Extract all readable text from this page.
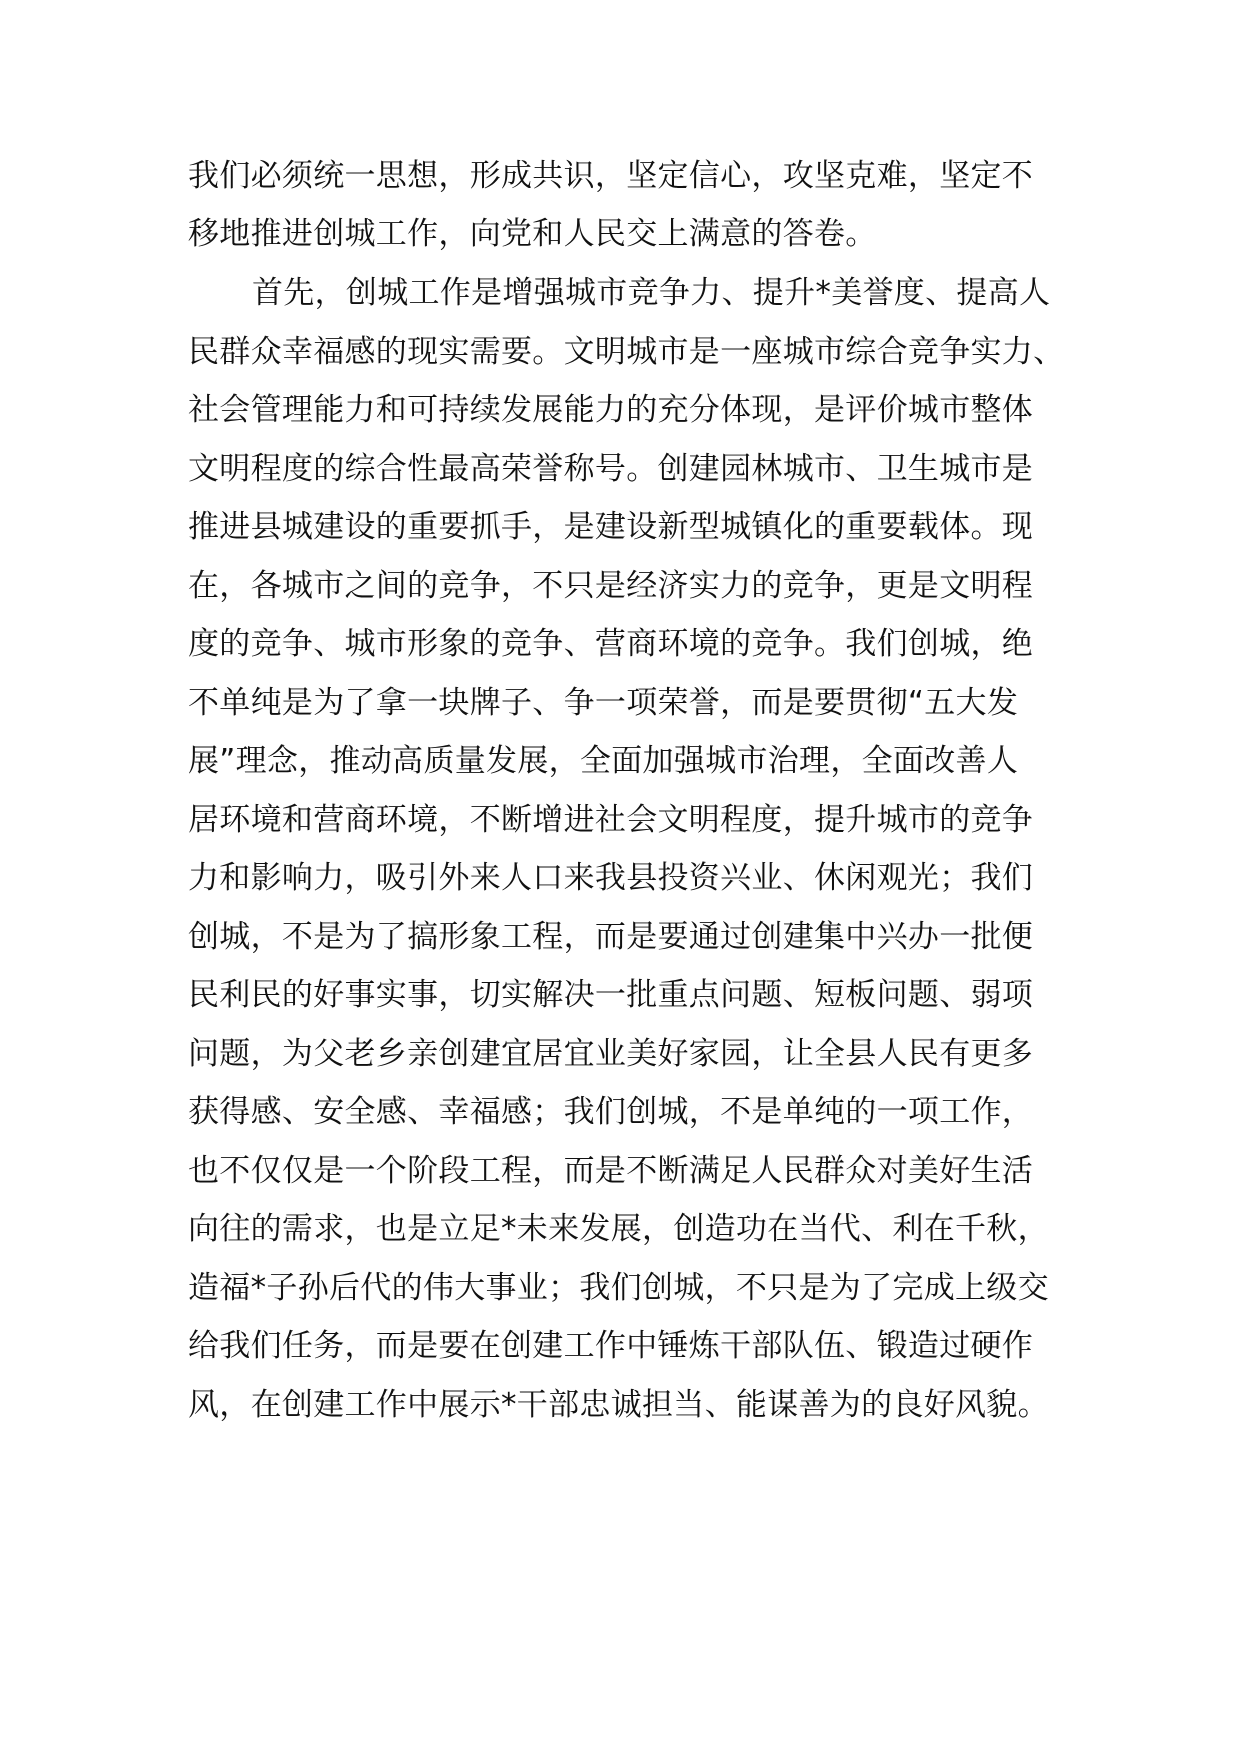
我们必须统一思想，形成共识，坚定信心，攻坚克难，坚定不
移地推进创城工作，向党和人民交上满意的答卷。
首先，创城工作是增强城市竞争力、提升*美誉度、提高人
民群众幸福感的现实需要。文明城市是一座城市综合竞争实力、
社会管理能力和可持续发展能力的充分体现，是评价城市整体
文明程度的综合性最高荣誉称号。创建园林城市、卫生城市是
推进县城建设的重要抓手，是建设新型城镇化的重要载体。现
在，各城市之间的竞争，不只是经济实力的竞争，更是文明程
度的竞争、城市形象的竞争、营商环境的竞争。我们创城，绝
不单纯是为了拿一块牌子、争一项荣誉，而是要贯彻“五大发
展”理念，推动高质量发展，全面加强城市治理，全面改善人
居环境和营商环境，不断增进社会文明程度，提升城市的竞争
力和影响力，吸引外来人口来我县投资兴业、休闲观光；我们
创城，不是为了搞形象工程，而是要通过创建集中兴办一批便
民利民的好事实事，切实解决一批重点问题、短板问题、弱项
问题，为父老乡亲创建宜居宜业美好家园，让全县人民有更多
获得感、安全感、幸福感；我们创城，不是单纯的一项工作，
也不仅仅是一个阶段工程，而是不断满足人民群众对美好生活
向往的需求，也是立足*未来发展，创造功在当代、利在千秋，
造福*子孙后代的伟大事业；我们创城，不只是为了完成上级交
给我们任务，而是要在创建工作中锤炼干部队伍、锻造过硬作
风，在创建工作中展示*干部忠诚担当、能谋善为的良好风貌。
